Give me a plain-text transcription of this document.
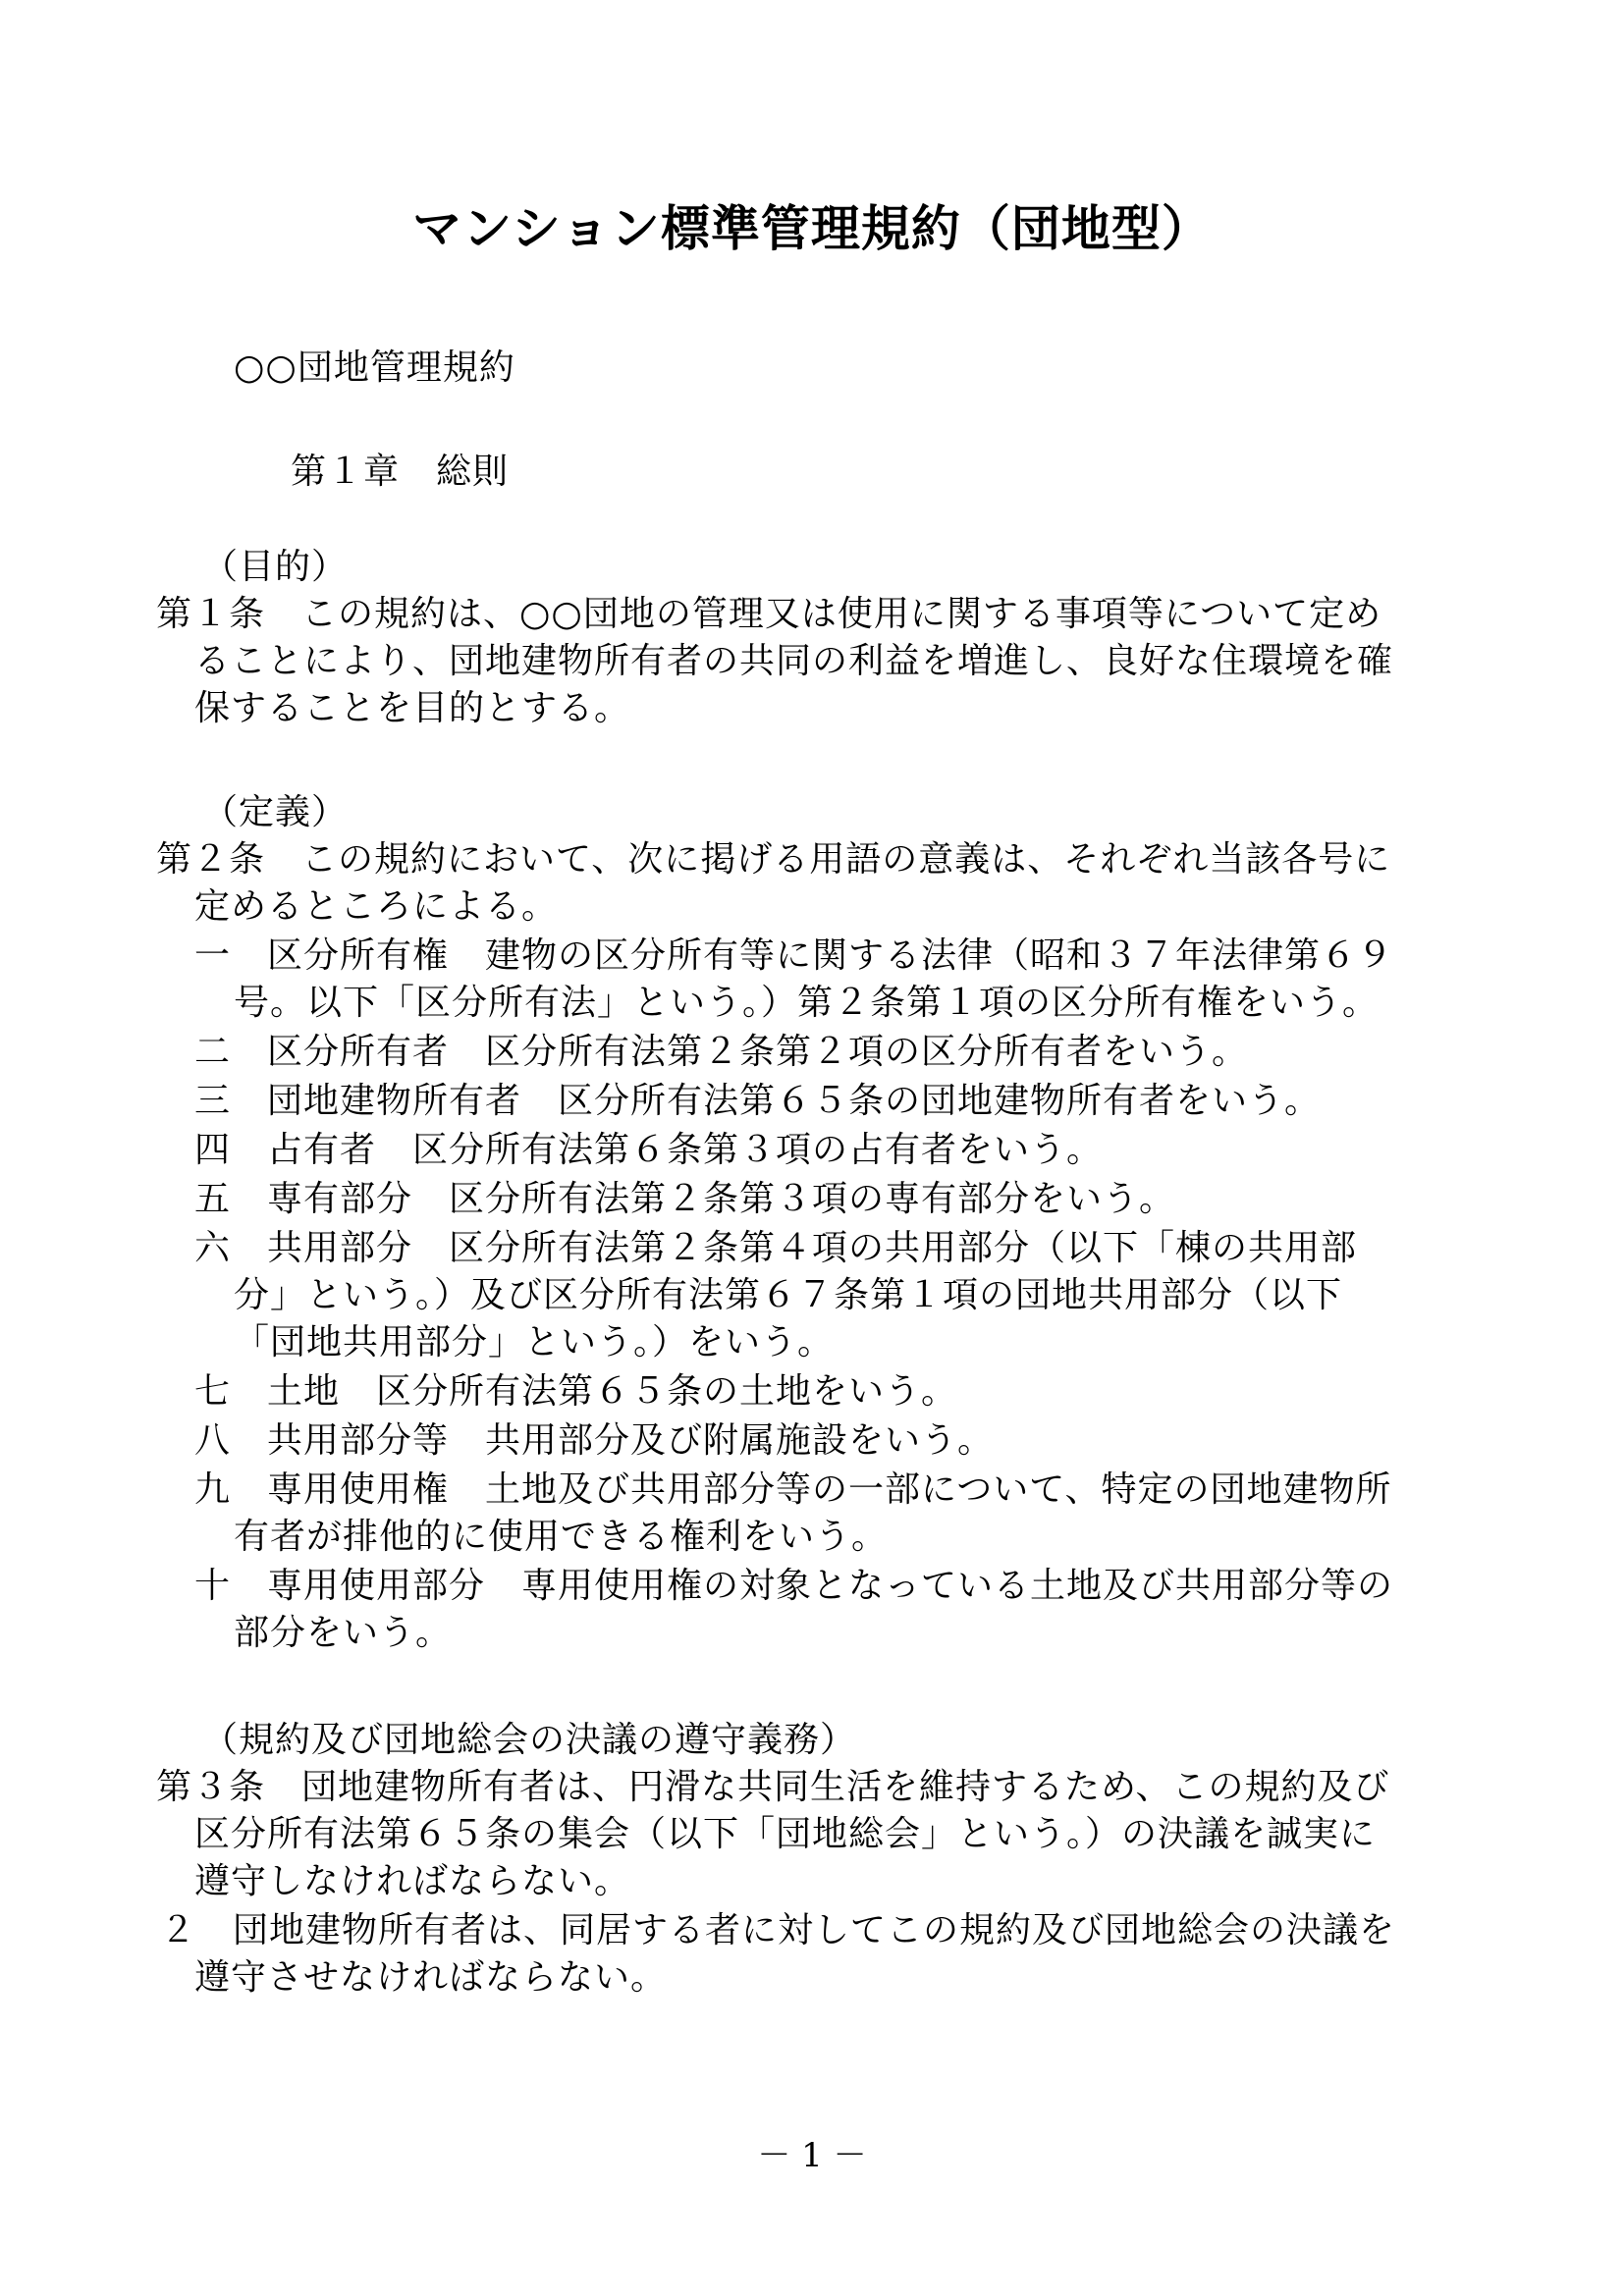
マンション標準管理規約（団地型）
○○団地管理規約
第１章　総則
（目的）
第１条　この規約は、○○団地の管理又は使用に関する事項等について定め
ることにより、団地建物所有者の共同の利益を増進し、良好な住環境を確
保することを目的とする。
（定義）
第２条　この規約において、次に掲げる用語の意義は、それぞれ当該各号に
定めるところによる。
一　区分所有権　建物の区分所有等に関する法律（昭和３７年法律第６９
号。以下「区分所有法」という。）第２条第１項の区分所有権をいう。
二　区分所有者　区分所有法第２条第２項の区分所有者をいう。
三　団地建物所有者　区分所有法第６５条の団地建物所有者をいう。
四　占有者　区分所有法第６条第３項の占有者をいう。
五　専有部分　区分所有法第２条第３項の専有部分をいう。
六　共用部分　区分所有法第２条第４項の共用部分（以下「棟の共用部
分」という。）及び区分所有法第６７条第１項の団地共用部分（以下
「団地共用部分」という。）をいう。
七　土地　区分所有法第６５条の土地をいう。
八　共用部分等　共用部分及び附属施設をいう。
九　専用使用権　土地及び共用部分等の一部について、特定の団地建物所
有者が排他的に使用できる権利をいう。
十　専用使用部分　専用使用権の対象となっている土地及び共用部分等の
部分をいう。
（規約及び団地総会の決議の遵守義務）
第３条　団地建物所有者は、円滑な共同生活を維持するため、この規約及び
区分所有法第６５条の集会（以下「団地総会」という。）の決議を誠実に
遵守しなければならない。
２　団地建物所有者は、同居する者に対してこの規約及び団地総会の決議を
遵守させなければならない。
－ 1 －
